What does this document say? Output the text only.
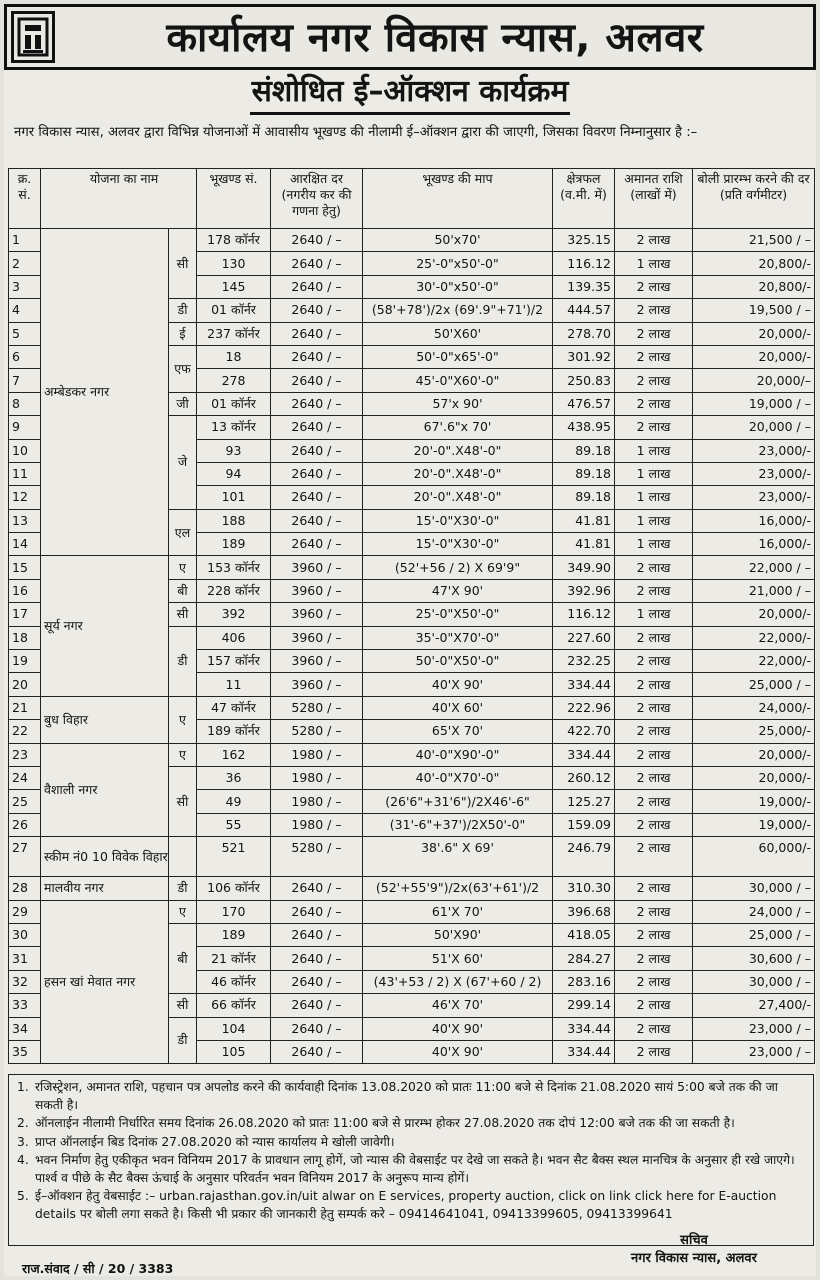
कार्यालय नगर विकास न्यास, अलवर
संशोधित ई–ऑक्शन कार्यक्रम
नगर विकास न्यास, अलवर द्वारा विभिन्न योजनाओं में आवासीय भूखण्ड की नीलामी ई–ऑक्शन द्वारा की जाएगी, जिसका विवरण निम्नानुसार है :–
क्र. सं.	योजना का नाम		भूखण्ड सं.	आरक्षित दर (नगरीय कर की गणना हेतु)	भूखण्ड की माप	क्षेत्रफल (व.मी. में)	अमानत राशि (लाखों में)	बोली प्रारम्भ करने की दर (प्रति वर्गमीटर)
1	अम्बेडकर नगर	सी	178 कॉर्नर	2640 / –	50'x70'	325.15	2 लाख	21,500 / –
2			130	2640 / –	25'-0"x50'-0"	116.12	1 लाख	20,800/-
3			145	2640 / –	30'-0"x50'-0"	139.35	2 लाख	20,800/-
4		डी	01 कॉर्नर	2640 / –	(58'+78')/2x (69'.9"+71')/2	444.57	2 लाख	19,500 / –
5		ई	237 कॉर्नर	2640 / –	50'X60'	278.70	2 लाख	20,000/-
6		एफ	18	2640 / –	50'-0"x65'-0"	301.92	2 लाख	20,000/-
7			278	2640 / –	45'-0"X60'-0"	250.83	2 लाख	20,000/–
8		जी	01 कॉर्नर	2640 / –	57'x 90'	476.57	2 लाख	19,000 / –
9		जे	13 कॉर्नर	2640 / –	67'.6"x 70'	438.95	2 लाख	20,000 / –
10			93	2640 / –	20'-0".X48'-0"	89.18	1 लाख	23,000/-
11			94	2640 / –	20'-0".X48'-0"	89.18	1 लाख	23,000/-
12			101	2640 / –	20'-0".X48'-0"	89.18	1 लाख	23,000/-
13		एल	188	2640 / –	15'-0"X30'-0"	41.81	1 लाख	16,000/-
14			189	2640 / –	15'-0"X30'-0"	41.81	1 लाख	16,000/-
15	सूर्य नगर	ए	153 कॉर्नर	3960 / –	(52'+56 / 2) X 69'9"	349.90	2 लाख	22,000 / –
16		बी	228 कॉर्नर	3960 / –	47'X 90'	392.96	2 लाख	21,000 / –
17		सी	392	3960 / –	25'-0"X50'-0"	116.12	1 लाख	20,000/-
18		डी	406	3960 / –	35'-0"X70'-0"	227.60	2 लाख	22,000/-
19			157 कॉर्नर	3960 / –	50'-0"X50'-0"	232.25	2 लाख	22,000/-
20			11	3960 / –	40'X 90'	334.44	2 लाख	25,000 / –
21	बुध विहार	ए	47 कॉर्नर	5280 / –	40'X 60'	222.96	2 लाख	24,000/-
22			189 कॉर्नर	5280 / –	65'X 70'	422.70	2 लाख	25,000/-
23	वैशाली नगर	ए	162	1980 / –	40'-0"X90'-0"	334.44	2 लाख	20,000/-
24		सी	36	1980 / –	40'-0"X70'-0"	260.12	2 लाख	20,000/-
25			49	1980 / –	(26'6"+31'6")/2X46'-6"	125.27	2 लाख	19,000/-
26			55	1980 / –	(31'-6"+37')/2X50'-0"	159.09	2 लाख	19,000/-
27	स्कीम नं0 10 विवेक विहार		521	5280 / –	38'.6" X 69'	246.79	2 लाख	60,000/-
28	मालवीय नगर	डी	106 कॉर्नर	2640 / –	(52'+55'9")/2x(63'+61')/2	310.30	2 लाख	30,000 / –
29	हसन खां मेवात नगर	ए	170	2640 / –	61'X 70'	396.68	2 लाख	24,000 / –
30		बी	189	2640 / –	50'X90'	418.05	2 लाख	25,000 / –
31			21 कॉर्नर	2640 / –	51'X 60'	284.27	2 लाख	30,600 / –
32			46 कॉर्नर	2640 / –	(43'+53 / 2) X (67'+60 / 2)	283.16	2 लाख	30,000 / –
33		सी	66 कॉर्नर	2640 / –	46'X 70'	299.14	2 लाख	27,400/-
34		डी	104	2640 / –	40'X 90'	334.44	2 लाख	23,000 / –
35			105	2640 / –	40'X 90'	334.44	2 लाख	23,000 / –
1. रजिस्ट्रेशन, अमानत राशि, पहचान पत्र अपलोड करने की कार्यवाही दिनांक 13.08.2020 को प्रातः 11:00 बजे से दिनांक 21.08.2020 सायं 5:00 बजे तक की जा सकती है।
2. ऑनलाईन नीलामी निर्धारित समय दिनांक 26.08.2020 को प्रातः 11:00 बजे से प्रारम्भ होकर 27.08.2020 तक दोपं 12:00 बजे तक की जा सकती है।
3. प्राप्त ऑनलाईन बिड दिनांक 27.08.2020 को न्यास कार्यालय मे खोली जावेगी।
4. भवन निर्माण हेतु एकीकृत भवन विनियम 2017 के प्रावधान लागू होगें, जो न्यास की वेबसाईट पर देखे जा सकते है। भवन सैट बैक्स स्थल मानचित्र के अनुसार ही रखे जाएगे। पार्श्व व पीछे के सैट बैक्स ऊंचाई के अनुसार परिवर्तन भवन विनियम 2017 के अनुरूप मान्य होगें।
5. ई–ऑक्शन हेतु वेबसाईट :– urban.rajasthan.gov.in/uit alwar on E services, property auction, click on link click here for E-auction details पर बोली लगा सकते है। किसी भी प्रकार की जानकारी हेतु सम्पर्क करे – 09414641041, 09413399605, 09413399641
सचिव
नगर विकास न्यास, अलवर
राज.संवाद / सी / 20 / 3383
